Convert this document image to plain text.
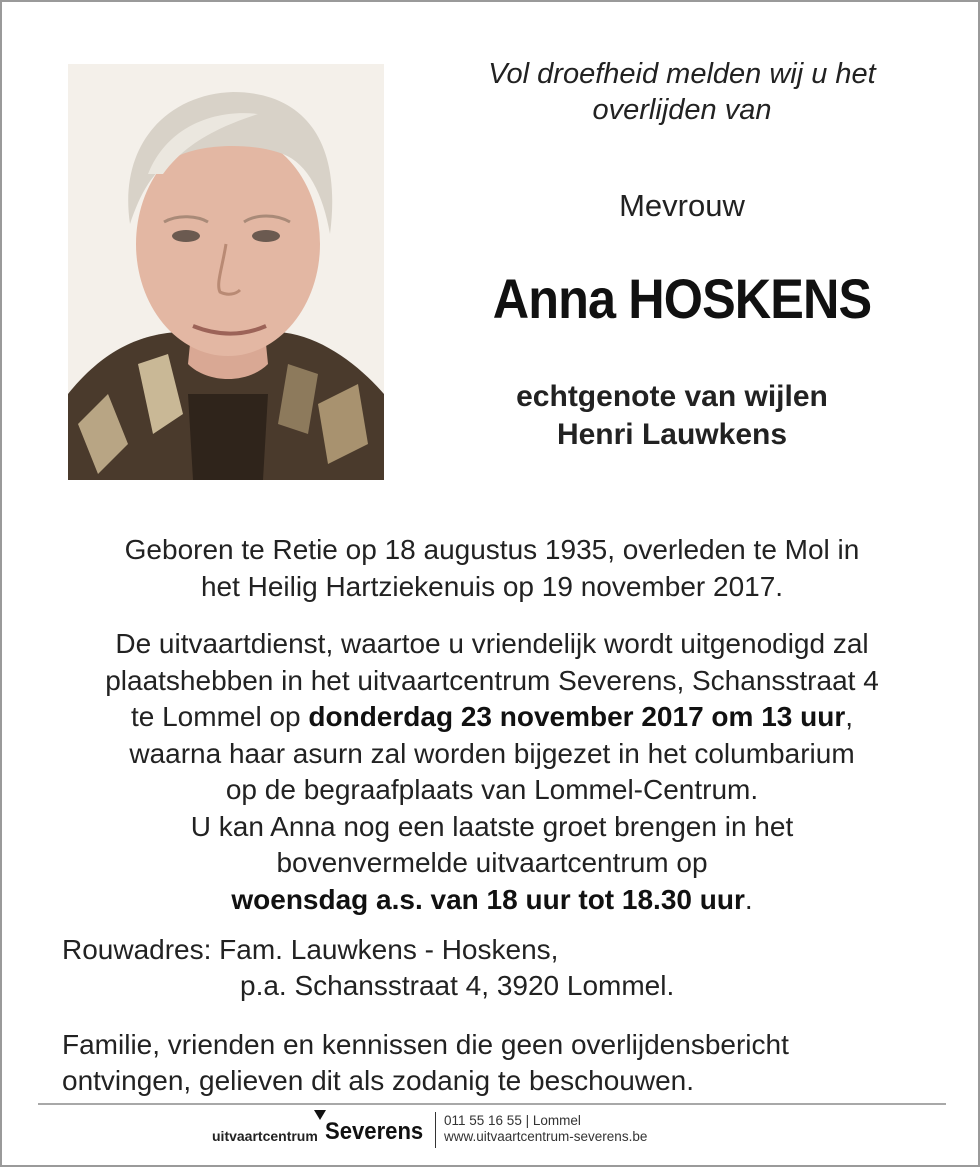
Vol droefheid melden wij u het
overlijden van
Mevrouw
Anna HOSKENS
echtgenote van wijlen
Henri Lauwkens
Geboren te Retie op 18 augustus 1935, overleden te Mol in
het Heilig Hartziekenuis op 19 november 2017.
De uitvaartdienst, waartoe u vriendelijk wordt uitgenodigd zal
plaatshebben in het uitvaartcentrum Severens, Schansstraat 4
te Lommel op donderdag 23 november 2017 om 13 uur,
waarna haar asurn zal worden bijgezet in het columbarium
op de begraafplaats van Lommel-Centrum.
U kan Anna nog een laatste groet brengen in het
bovenvermelde uitvaartcentrum op
woensdag a.s. van 18 uur tot 18.30 uur.
Rouwadres: Fam. Lauwkens - Hoskens,
p.a. Schansstraat 4, 3920 Lommel.
Familie, vrienden en kennissen die geen overlijdensbericht
ontvingen, gelieven dit als zodanig te beschouwen.
uitvaartcentrum Severens 011 55 16 55 | Lommel
www.uitvaartcentrum-severens.be
